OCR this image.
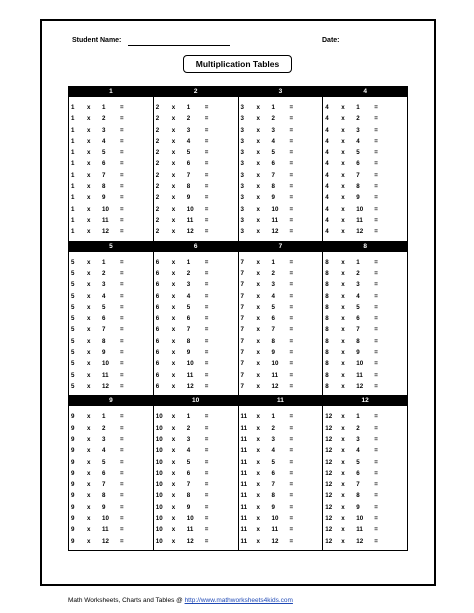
Student Name:	Date:
Multiplication Tables
1
1	x	1	=
1	x	2	=
1	x	3	=
1	x	4	=
1	x	5	=
1	x	6	=
1	x	7	=
1	x	8	=
1	x	9	=
1	x	10	=
1	x	11	=
1	x	12	=
2
2	x	1	=
2	x	2	=
2	x	3	=
2	x	4	=
2	x	5	=
2	x	6	=
2	x	7	=
2	x	8	=
2	x	9	=
2	x	10	=
2	x	11	=
2	x	12	=
3
3	x	1	=
3	x	2	=
3	x	3	=
3	x	4	=
3	x	5	=
3	x	6	=
3	x	7	=
3	x	8	=
3	x	9	=
3	x	10	=
3	x	11	=
3	x	12	=
4
4	x	1	=
4	x	2	=
4	x	3	=
4	x	4	=
4	x	5	=
4	x	6	=
4	x	7	=
4	x	8	=
4	x	9	=
4	x	10	=
4	x	11	=
4	x	12	=
5
5	x	1	=
5	x	2	=
5	x	3	=
5	x	4	=
5	x	5	=
5	x	6	=
5	x	7	=
5	x	8	=
5	x	9	=
5	x	10	=
5	x	11	=
5	x	12	=
6
6	x	1	=
6	x	2	=
6	x	3	=
6	x	4	=
6	x	5	=
6	x	6	=
6	x	7	=
6	x	8	=
6	x	9	=
6	x	10	=
6	x	11	=
6	x	12	=
7
7	x	1	=
7	x	2	=
7	x	3	=
7	x	4	=
7	x	5	=
7	x	6	=
7	x	7	=
7	x	8	=
7	x	9	=
7	x	10	=
7	x	11	=
7	x	12	=
8
8	x	1	=
8	x	2	=
8	x	3	=
8	x	4	=
8	x	5	=
8	x	6	=
8	x	7	=
8	x	8	=
8	x	9	=
8	x	10	=
8	x	11	=
8	x	12	=
9
9	x	1	=
9	x	2	=
9	x	3	=
9	x	4	=
9	x	5	=
9	x	6	=
9	x	7	=
9	x	8	=
9	x	9	=
9	x	10	=
9	x	11	=
9	x	12	=
10
10	x	1	=
10	x	2	=
10	x	3	=
10	x	4	=
10	x	5	=
10	x	6	=
10	x	7	=
10	x	8	=
10	x	9	=
10	x	10	=
10	x	11	=
10	x	12	=
11
11	x	1	=
11	x	2	=
11	x	3	=
11	x	4	=
11	x	5	=
11	x	6	=
11	x	7	=
11	x	8	=
11	x	9	=
11	x	10	=
11	x	11	=
11	x	12	=
12
12	x	1	=
12	x	2	=
12	x	3	=
12	x	4	=
12	x	5	=
12	x	6	=
12	x	7	=
12	x	8	=
12	x	9	=
12	x	10	=
12	x	11	=
12	x	12	=
Math Worksheets, Charts and Tables @ http://www.mathworksheets4kids.com
